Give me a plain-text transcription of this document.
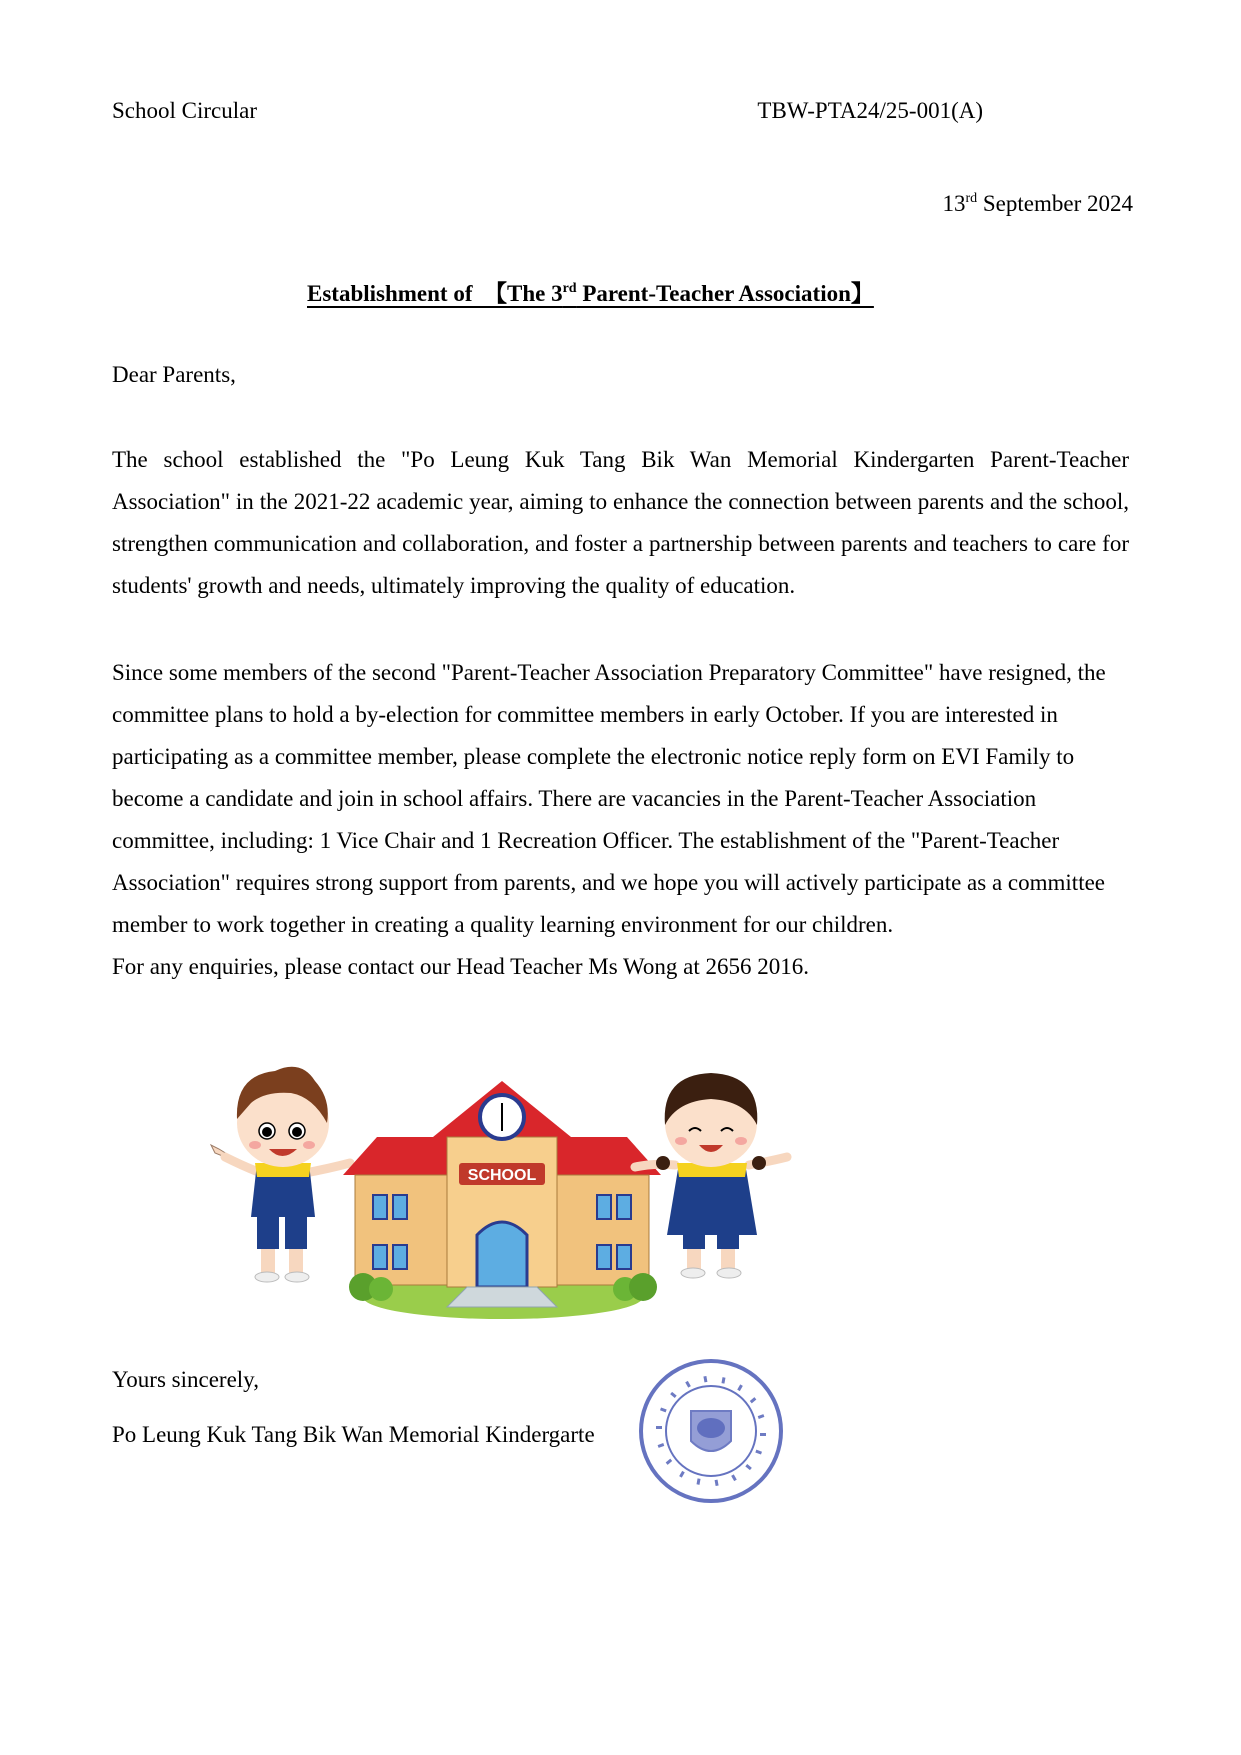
School Circular	TBW-PTA24/25-001(A)
13rd September 2024
Establishment of  【The 3rd Parent-Teacher Association】
Dear Parents,
The school established the "Po Leung Kuk Tang Bik Wan Memorial Kindergarten Parent-Teacher Association" in the 2021-22 academic year, aiming to enhance the connection between parents and the school, strengthen communication and collaboration, and foster a partnership between parents and teachers to care for students' growth and needs, ultimately improving the quality of education.
Since some members of the second "Parent-Teacher Association Preparatory Committee" have resigned, the committee plans to hold a by-election for committee members in early October. If you are interested in participating as a committee member, please complete the electronic notice reply form on EVI Family to become a candidate and join in school affairs. There are vacancies in the Parent-Teacher Association committee, including: 1 Vice Chair and 1 Recreation Officer. The establishment of the "Parent-Teacher Association" requires strong support from parents, and we hope you will actively participate as a committee member to work together in creating a quality learning environment for our children.
For any enquiries, please contact our Head Teacher Ms Wong at 2656 2016.
SCHOOL
Yours sincerely,
Po Leung Kuk Tang Bik Wan Memorial Kindergarte
